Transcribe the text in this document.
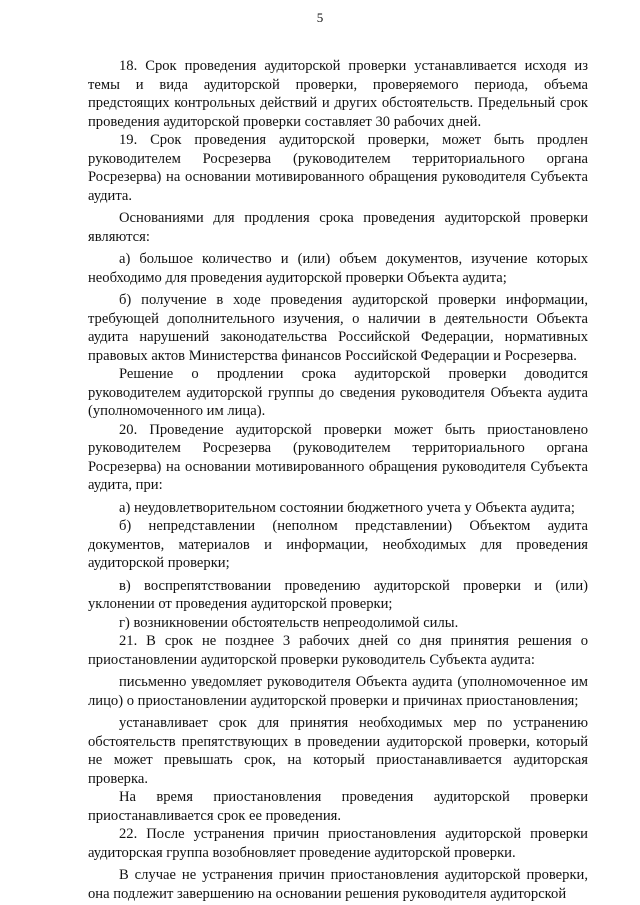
5

18. Срок проведения аудиторской проверки устанавливается исходя из темы и вида аудиторской проверки, проверяемого периода, объема предстоящих контрольных действий и других обстоятельств. Предельный срок проведения аудиторской проверки составляет 30 рабочих дней.

19. Срок проведения аудиторской проверки, может быть продлен руководителем Росрезерва (руководителем территориального органа Росрезерва) на основании мотивированного обращения руководителя Субъекта аудита.

Основаниями для продления срока проведения аудиторской проверки являются:

а) большое количество и (или) объем документов, изучение которых необходимо для проведения аудиторской проверки Объекта аудита;

б) получение в ходе проведения аудиторской проверки информации, требующей дополнительного изучения, о наличии в деятельности Объекта аудита нарушений законодательства Российской Федерации, нормативных правовых актов Министерства финансов Российской Федерации и Росрезерва.

Решение о продлении срока аудиторской проверки доводится руководителем аудиторской группы до сведения руководителя Объекта аудита (уполномоченного им лица).

20. Проведение аудиторской проверки может быть приостановлено руководителем Росрезерва (руководителем территориального органа Росрезерва) на основании мотивированного обращения руководителя Субъекта аудита, при:

а) неудовлетворительном состоянии бюджетного учета у Объекта аудита;

б) непредставлении (неполном представлении) Объектом аудита документов, материалов и информации, необходимых для проведения аудиторской проверки;

в) воспрепятствовании проведению аудиторской проверки и (или) уклонении от проведения аудиторской проверки;

г) возникновении обстоятельств непреодолимой силы.

21. В срок не позднее 3 рабочих дней со дня принятия решения о приостановлении аудиторской проверки руководитель Субъекта аудита:

письменно уведомляет руководителя Объекта аудита (уполномоченное им лицо) о приостановлении аудиторской проверки и причинах приостановления;

устанавливает срок для принятия необходимых мер по устранению обстоятельств препятствующих в проведении аудиторской проверки, который не может превышать срок, на который приостанавливается аудиторская проверка.

На время приостановления проведения аудиторской проверки приостанавливается срок ее проведения.

22. После устранения причин приостановления аудиторской проверки аудиторская группа возобновляет проведение аудиторской проверки.

В случае не устранения причин приостановления аудиторской проверки, она подлежит завершению на основании решения руководителя аудиторской
